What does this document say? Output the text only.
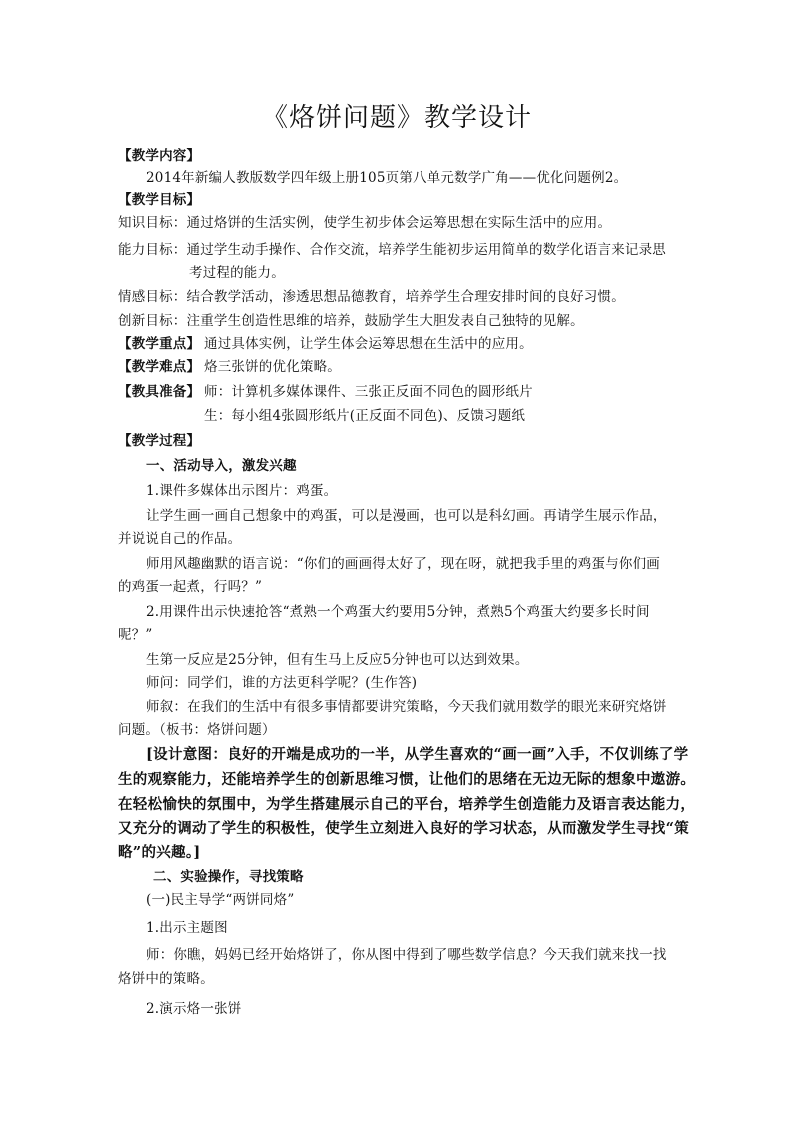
《烙饼问题》教学设计
【教学内容】
2014年新编人教版数学四年级上册105页第八单元数学广角——优化问题例2。
【教学目标】
知识目标：通过烙饼的生活实例，使学生初步体会运筹思想在实际生活中的应用。
能力目标：通过学生动手操作、合作交流，培养学生能初步运用简单的数学化语言来记录思
考过程的能力。
情感目标：结合教学活动，渗透思想品德教育，培养学生合理安排时间的良好习惯。
创新目标：注重学生创造性思维的培养，鼓励学生大胆发表自己独特的见解。
【教学重点】 通过具体实例，让学生体会运筹思想在生活中的应用。
【教学难点】 烙三张饼的优化策略。
【教具准备】 师：计算机多媒体课件、三张正反面不同色的圆形纸片
生：每小组4张圆形纸片(正反面不同色)、反馈习题纸
【教学过程】
一、活动导入，激发兴趣
1.课件多媒体出示图片：鸡蛋。
让学生画一画自己想象中的鸡蛋，可以是漫画，也可以是科幻画。再请学生展示作品，
并说说自己的作品。
师用风趣幽默的语言说：“你们的画画得太好了，现在呀，就把我手里的鸡蛋与你们画
的鸡蛋一起煮，行吗？”
2.用课件出示快速抢答“煮熟一个鸡蛋大约要用5分钟，煮熟5个鸡蛋大约要多长时间
呢？”
生第一反应是25分钟，但有生马上反应5分钟也可以达到效果。
师问：同学们，谁的方法更科学呢？(生作答)
师叙：在我们的生活中有很多事情都要讲究策略，今天我们就用数学的眼光来研究烙饼
问题。（板书：烙饼问题）
[设计意图：良好的开端是成功的一半，从学生喜欢的“画一画”入手，不仅训练了学
生的观察能力，还能培养学生的创新思维习惯，让他们的思绪在无边无际的想象中遨游。
在轻松愉快的氛围中，为学生搭建展示自己的平台，培养学生创造能力及语言表达能力，
又充分的调动了学生的积极性，使学生立刻进入良好的学习状态，从而激发学生寻找“策
略”的兴趣。]
二、实验操作，寻找策略
(一)民主导学“两饼同烙”
1.出示主题图
师：你瞧，妈妈已经开始烙饼了，你从图中得到了哪些数学信息？今天我们就来找一找
烙饼中的策略。
2.演示烙一张饼
